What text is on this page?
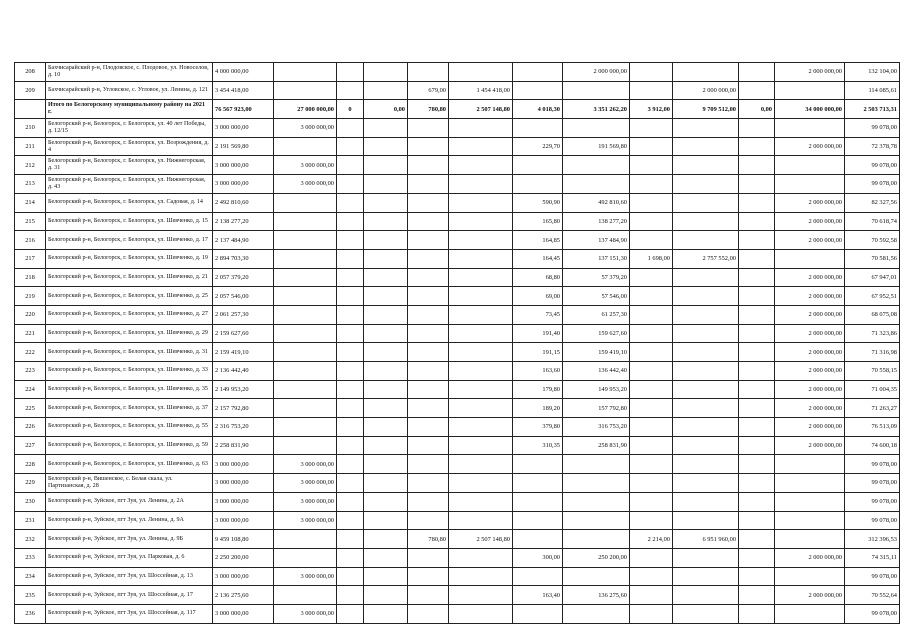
208	Бахчисарайский р-н, Плодовское, с. Плодовое, ул. Новоселов, д. 10	4 000 000,00							2 000 000,00				2 000 000,00	132 104,00
209	Бахчисарайский р-н, Угловское, с. Угловое, ул. Ленина, д. 121	3 454 418,00				679,00	1 454 418,00				2 000 000,00			114 085,61
	Итого по Белогорскому муниципальному району на 2021 г.	76 567 923,00	27 000 000,00	0	0,00	780,80	2 507 148,80	4 018,30	3 351 262,20	3 912,00	9 709 512,00	0,00	34 000 000,00	2 503 713,31
210	Белогорский р-н, Белогорск, г. Белогорск, ул. 40 лет Победы, д. 12/15	3 000 000,00	3 000 000,00											99 078,00
211	Белогорский р-н, Белогорск, г. Белогорск, ул. Возрождения, д. 4	2 191 569,80						229,70	191 569,80				2 000 000,00	72 378,78
212	Белогорский р-н, Белогорск, г. Белогорск, ул. Нижнегорская, д. 31	3 000 000,00	3 000 000,00											99 078,00
213	Белогорский р-н, Белогорск, г. Белогорск, ул. Нижнегорская, д. 43	3 000 000,00	3 000 000,00											99 078,00
214	Белогорский р-н, Белогорск, г. Белогорск, ул. Садовая, д. 14	2 492 810,60						590,90	492 810,60				2 000 000,00	82 327,56
215	Белогорский р-н, Белогорск, г. Белогорск, ул. Шевченко, д. 15	2 138 277,20						165,80	138 277,20				2 000 000,00	70 618,74
216	Белогорский р-н, Белогорск, г. Белогорск, ул. Шевченко, д. 17	2 137 484,90						164,85	137 484,90				2 000 000,00	70 592,58
217	Белогорский р-н, Белогорск, г. Белогорск, ул. Шевченко, д. 19	2 894 703,30						164,45	137 151,30	1 698,00	2 757 552,00			70 581,56
218	Белогорский р-н, Белогорск, г. Белогорск, ул. Шевченко, д. 21	2 057 379,20						68,80	57 379,20				2 000 000,00	67 947,01
219	Белогорский р-н, Белогорск, г. Белогорск, ул. Шевченко, д. 25	2 057 546,00						69,00	57 546,00				2 000 000,00	67 952,51
220	Белогорский р-н, Белогорск, г. Белогорск, ул. Шевченко, д. 27	2 061 257,30						73,45	61 257,30				2 000 000,00	68 075,08
221	Белогорский р-н, Белогорск, г. Белогорск, ул. Шевченко, д. 29	2 159 627,60						191,40	159 627,60				2 000 000,00	71 323,86
222	Белогорский р-н, Белогорск, г. Белогорск, ул. Шевченко, д. 31	2 159 419,10						191,15	159 419,10				2 000 000,00	71 316,98
223	Белогорский р-н, Белогорск, г. Белогорск, ул. Шевченко, д. 33	2 136 442,40						163,60	136 442,40				2 000 000,00	70 558,15
224	Белогорский р-н, Белогорск, г. Белогорск, ул. Шевченко, д. 35	2 149 953,20						179,80	149 953,20				2 000 000,00	71 004,35
225	Белогорский р-н, Белогорск, г. Белогорск, ул. Шевченко, д. 37	2 157 792,80						189,20	157 792,80				2 000 000,00	71 263,27
226	Белогорский р-н, Белогорск, г. Белогорск, ул. Шевченко, д. 55	2 316 753,20						379,80	316 753,20				2 000 000,00	76 513,09
227	Белогорский р-н, Белогорск, г. Белогорск, ул. Шевченко, д. 59	2 258 831,90						310,35	258 831,90				2 000 000,00	74 600,18
228	Белогорский р-н, Белогорск, г. Белогорск, ул. Шевченко, д. 63	3 000 000,00	3 000 000,00											99 078,00
229	Белогорский р-н, Вишенское, с. Белая скала, ул. Партизанская, д. 28	3 000 000,00	3 000 000,00											99 078,00
230	Белогорский р-н, Зуйское, пгт Зуя, ул. Ленина, д. 2А	3 000 000,00	3 000 000,00											99 078,00
231	Белогорский р-н, Зуйское, пгт Зуя, ул. Ленина, д. 9А	3 000 000,00	3 000 000,00											99 078,00
232	Белогорский р-н, Зуйское, пгт Зуя, ул. Ленина, д. 9Б	9 459 108,80				780,80	2 507 148,80			2 214,00	6 951 960,00			312 396,53
233	Белогорский р-н, Зуйское, пгт Зуя, ул. Парковая, д. 6	2 250 200,00						300,00	250 200,00				2 000 000,00	74 315,11
234	Белогорский р-н, Зуйское, пгт Зуя, ул. Шоссейная, д. 13	3 000 000,00	3 000 000,00											99 078,00
235	Белогорский р-н, Зуйское, пгт Зуя, ул. Шоссейная, д. 17	2 136 275,60						163,40	136 275,60				2 000 000,00	70 552,64
236	Белогорский р-н, Зуйское, пгт Зуя, ул. Шоссейная, д. 117	3 000 000,00	3 000 000,00											99 078,00
